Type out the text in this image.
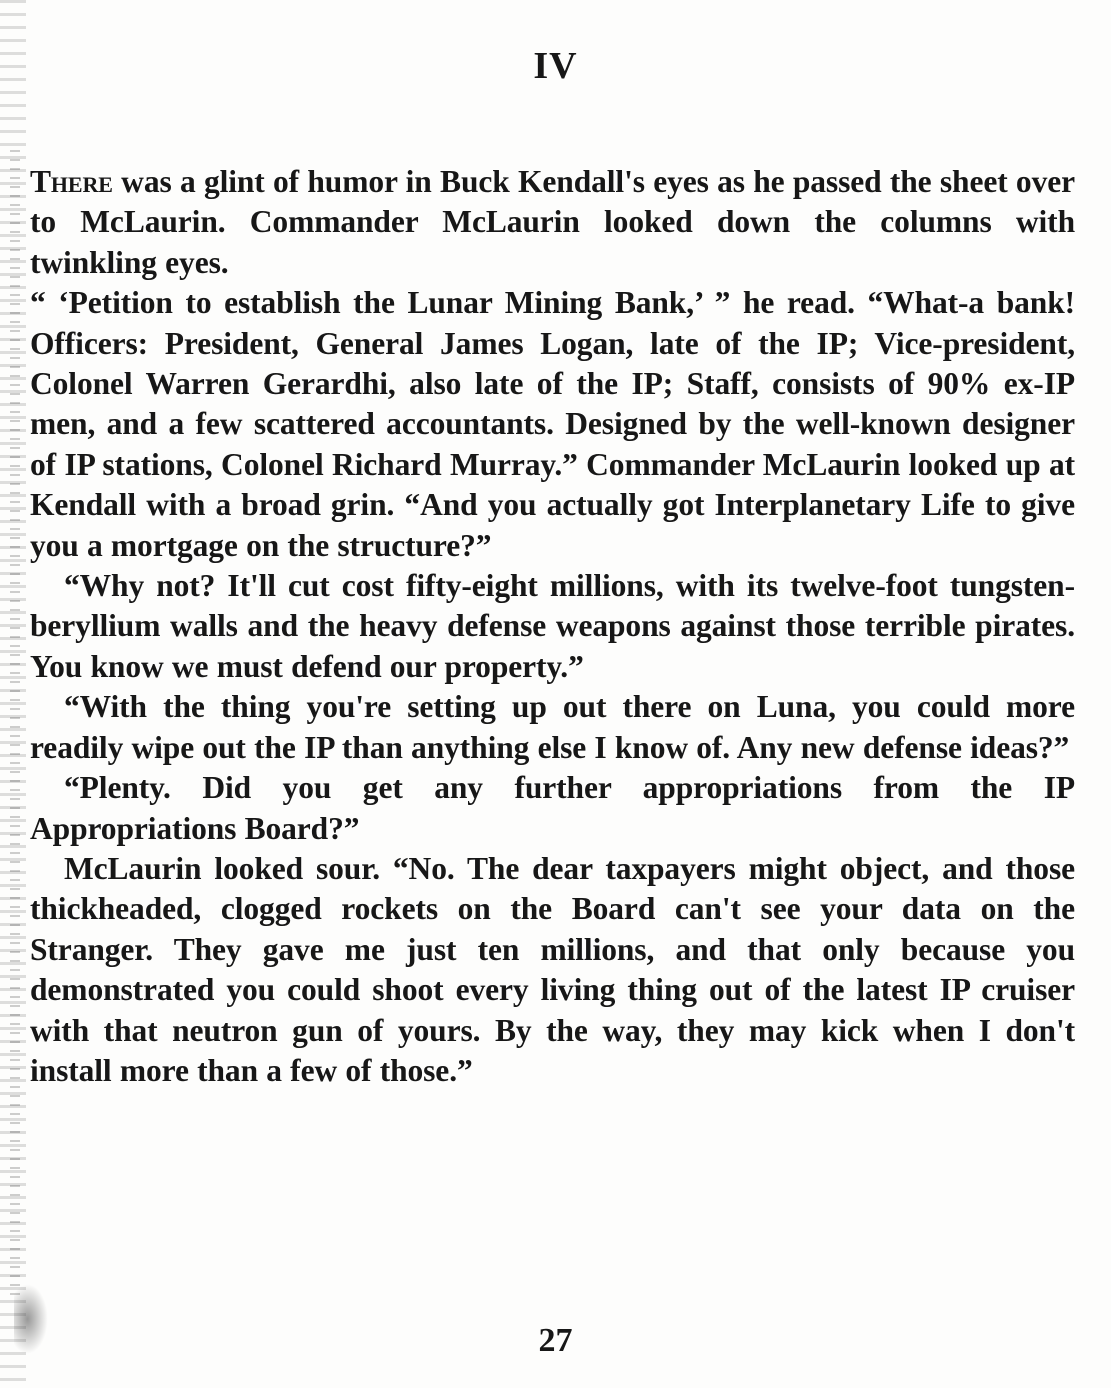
IV

There was a glint of humor in Buck Kendall's eyes as he passed the sheet over to McLaurin. Commander McLaurin looked down the columns with twinkling eyes.

“ ‘Petition to establish the Lunar Mining Bank,’ ” he read. “What-a bank! Officers: President, General James Logan, late of the IP; Vice-president, Colonel Warren Gerardhi, also late of the IP; Staff, consists of 90% ex-IP men, and a few scattered accountants. Designed by the well-known designer of IP stations, Colonel Richard Murray.” Commander McLaurin looked up at Kendall with a broad grin. “And you actually got Interplanetary Life to give you a mortgage on the structure?”

“Why not? It'll cut cost fifty-eight millions, with its twelve-foot tungsten-beryllium walls and the heavy defense weapons against those terrible pirates. You know we must defend our property.”

“With the thing you're setting up out there on Luna, you could more readily wipe out the IP than anything else I know of. Any new defense ideas?”

“Plenty. Did you get any further appropriations from the IP Appropriations Board?”

McLaurin looked sour. “No. The dear taxpayers might object, and those thickheaded, clogged rockets on the Board can't see your data on the Stranger. They gave me just ten millions, and that only because you demonstrated you could shoot every living thing out of the latest IP cruiser with that neutron gun of yours. By the way, they may kick when I don't install more than a few of those.”

27
